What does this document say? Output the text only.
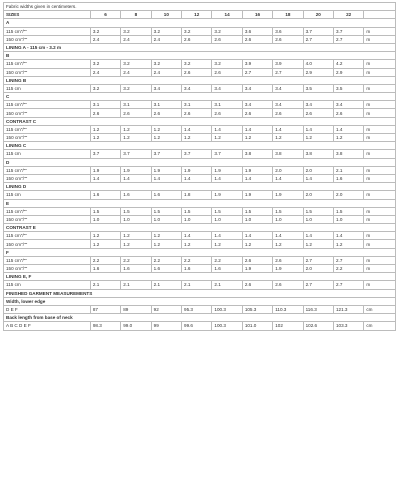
Fabric widths given in centimeters.										
SIZES	6	8	10	12	14	16	18	20	22	
A										
115 cm"/""	3.2	3.2	3.2	3.2	3.2	3.6	3.6	3.7	3.7	m
150 cm"/""	2.4	2.4	2.4	2.6	2.6	2.6	2.6	2.7	2.7	m
LINING A - 115 cm - 3.2 m										
B										
115 cm"/""	3.2	3.2	3.2	3.2	3.2	3.9	3.9	4.0	4.2	m
150 cm"/""	2.4	2.4	2.4	2.6	2.6	2.7	2.7	2.9	2.9	m
LINING B										
115 cm	3.2	3.2	3.4	3.4	3.4	3.4	3.4	3.5	3.5	m
C										
115 cm"/""	3.1	3.1	3.1	3.1	3.1	3.4	3.4	3.4	3.4	m
150 cm"/""	2.6	2.6	2.6	2.6	2.6	2.6	2.6	2.6	2.6	m
CONTRAST C										
115 cm"/""	1.2	1.2	1.2	1.4	1.4	1.4	1.4	1.4	1.4	m
150 cm"/""	1.2	1.2	1.2	1.2	1.2	1.2	1.2	1.2	1.2	m
LINING C										
115 cm	3.7	3.7	3.7	3.7	3.7	3.8	3.8	3.8	3.8	m
D										
115 cm"/""	1.9	1.9	1.9	1.9	1.9	1.9	2.0	2.0	2.1	m
150 cm"/""	1.4	1.4	1.4	1.4	1.4	1.4	1.4	1.4	1.6	m
LINING D										
115 cm	1.6	1.6	1.6	1.8	1.9	1.9	1.9	2.0	2.0	m
E										
115 cm"/""	1.5	1.5	1.5	1.5	1.5	1.5	1.5	1.5	1.5	m
150 cm"/""	1.0	1.0	1.0	1.0	1.0	1.0	1.0	1.0	1.0	m
CONTRAST E										
115 cm"/""	1.2	1.2	1.2	1.4	1.4	1.4	1.4	1.4	1.4	m
150 cm"/""	1.2	1.2	1.2	1.2	1.2	1.2	1.2	1.2	1.2	m
F										
115 cm"/""	2.2	2.2	2.2	2.2	2.2	2.6	2.6	2.7	2.7	m
150 cm"/""	1.6	1.6	1.6	1.6	1.6	1.9	1.9	2.0	2.2	m
LINING E, F										
115 cm	2.1	2.1	2.1	2.1	2.1	2.6	2.6	2.7	2.7	m
FINISHED GARMENT MEASUREMENTS										
Width, lower edge										
D E F	87	89	92	95.3	100.3	105.3	110.3	116.3	121.3	cm
Back length from base of neck										
A B C D E F	98.3	99.0	99	99.6	100.3	101.0	102	102.6	103.3	cm
